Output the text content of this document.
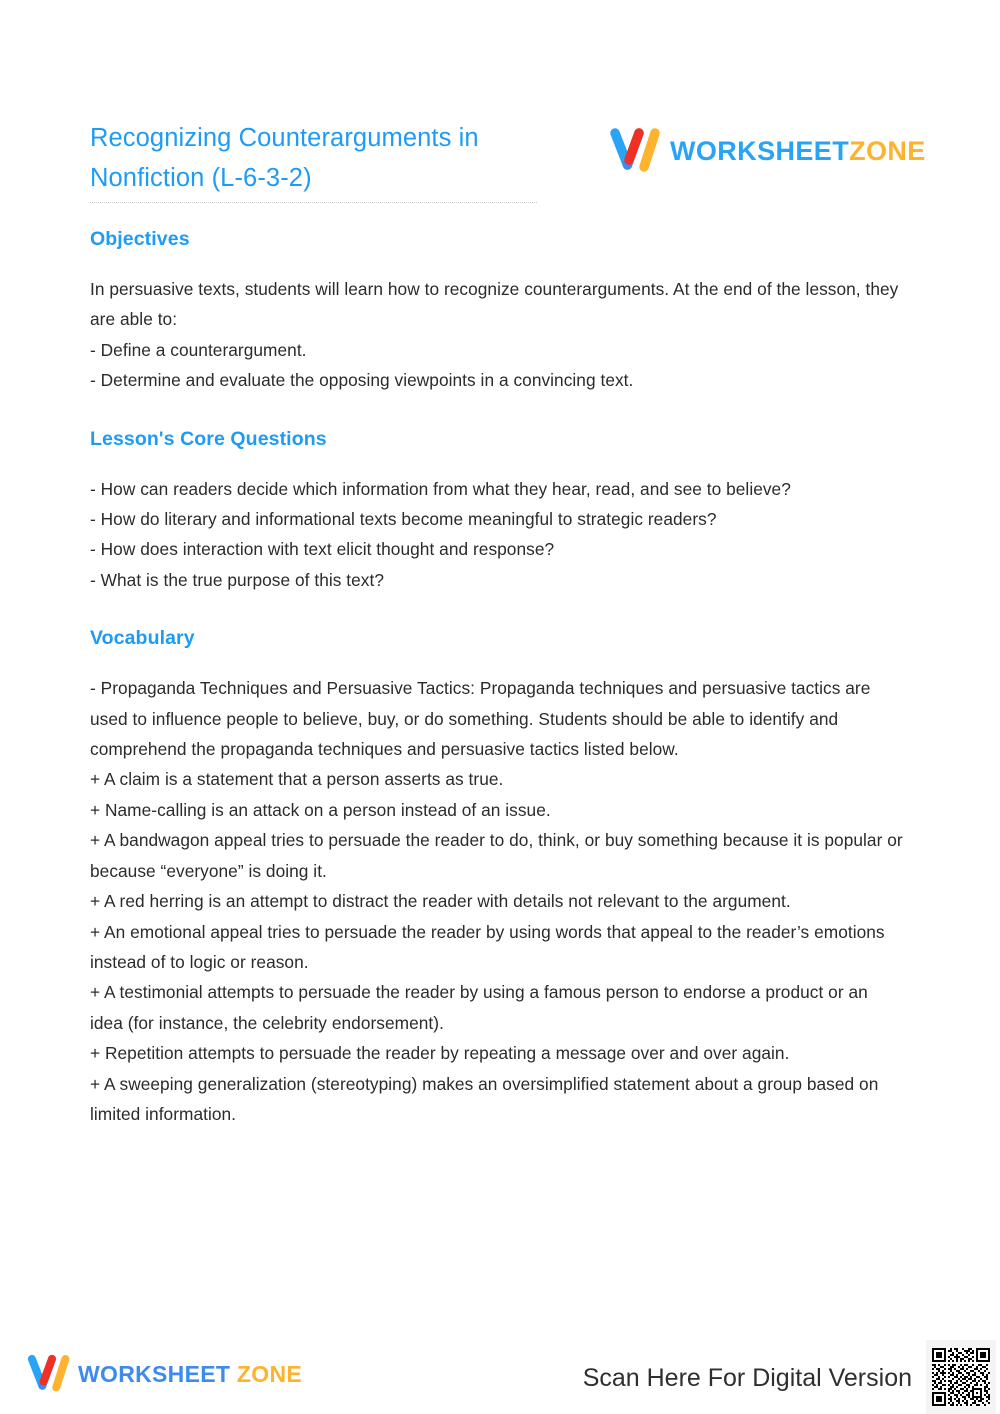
Recognizing Counterarguments in
Nonfiction (L-6-3-2)
WORKSHEETZONE
Objectives
In persuasive texts, students will learn how to recognize counterarguments. At the end of the lesson, they are able to:
- Define a counterargument.
- Determine and evaluate the opposing viewpoints in a convincing text.
Lesson's Core Questions
- How can readers decide which information from what they hear, read, and see to believe?
- How do literary and informational texts become meaningful to strategic readers?
- How does interaction with text elicit thought and response?
- What is the true purpose of this text?
Vocabulary
- Propaganda Techniques and Persuasive Tactics: Propaganda techniques and persuasive tactics are used to influence people to believe, buy, or do something. Students should be able to identify and comprehend the propaganda techniques and persuasive tactics listed below.
+ A claim is a statement that a person asserts as true.
+ Name-calling is an attack on a person instead of an issue.
+ A bandwagon appeal tries to persuade the reader to do, think, or buy something because it is popular or because “everyone” is doing it.
+ A red herring is an attempt to distract the reader with details not relevant to the argument.
+ An emotional appeal tries to persuade the reader by using words that appeal to the reader’s emotions instead of to logic or reason.
+ A testimonial attempts to persuade the reader by using a famous person to endorse a product or an idea (for instance, the celebrity endorsement).
+ Repetition attempts to persuade the reader by repeating a message over and over again.
+ A sweeping generalization (stereotyping) makes an oversimplified statement about a group based on limited information.
WORKSHEET ZONE	Scan Here For Digital Version
